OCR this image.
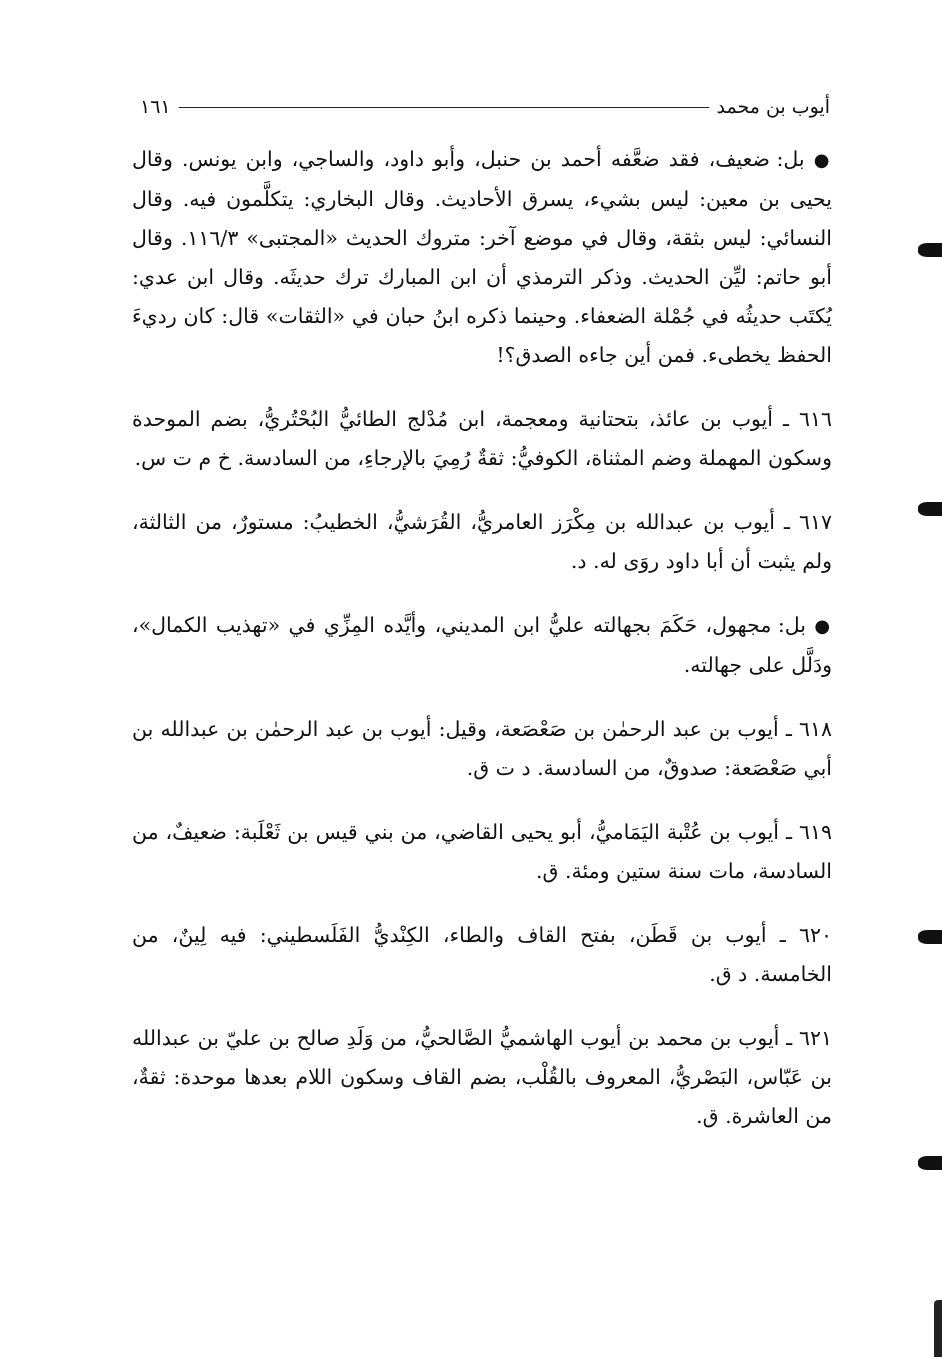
أيوب بن محمد
١٦١

● بل: ضعيف، فقد ضعَّفه أحمد بن حنبل، وأبو داود، والساجي، وابن يونس. وقال يحيى بن معين: ليس بشيء، يسرق الأحاديث. وقال البخاري: يتكلَّمون فيه. وقال النسائي: ليس بثقة، وقال في موضع آخر: متروك الحديث «المجتبى» ١١٦/٣. وقال أبو حاتم: ليِّن الحديث. وذكر الترمذي أن ابن المبارك ترك حديثَه. وقال ابن عدي: يُكتَب حديثُه في جُمْلة الضعفاء. وحينما ذكره ابنُ حبان في «الثقات» قال: كان رديءَ الحفظ يخطىء. فمن أين جاءه الصدق؟!

٦١٦ ـ أيوب بن عائذ، بتحتانية ومعجمة، ابن مُدْلج الطائيُّ البُحْتُريُّ، بضم الموحدة وسكون المهملة وضم المثناة، الكوفيُّ: ثقةٌ رُمِيَ بالإرجاءِ، من السادسة. خ م ت س.

٦١٧ ـ أيوب بن عبدالله بن مِكْرَز العامريُّ، القُرَشيُّ، الخطيبُ: مستورٌ، من الثالثة، ولم يثبت أن أبا داود روَى له. د.

● بل: مجهول، حَكَمَ بجهالته عليُّ ابن المديني، وأيَّده المِزِّي في «تهذيب الكمال»، ودَلَّل على جهالته.

٦١٨ ـ أيوب بن عبد الرحمٰن بن صَعْصَعة، وقيل: أيوب بن عبد الرحمٰن بن عبدالله بن أبي صَعْصَعة: صدوقٌ، من السادسة. د ت ق.

٦١٩ ـ أيوب بن عُتْبة اليَمَاميُّ، أبو يحيى القاضي، من بني قيس بن ثَعْلَبة: ضعيفٌ، من السادسة، مات سنة ستين ومئة. ق.

٦٢٠ ـ أيوب بن قَطَن، بفتح القاف والطاء، الكِنْديُّ الفَلَسطيني: فيه لِينٌ، من الخامسة. د ق.

٦٢١ ـ أيوب بن محمد بن أيوب الهاشميُّ الصَّالحيُّ، من وَلَدِ صالح بن عليّ بن عبدالله بن عَبّاس، البَصْريُّ، المعروف بالقُلْب، بضم القاف وسكون اللام بعدها موحدة: ثقةٌ، من العاشرة. ق.
